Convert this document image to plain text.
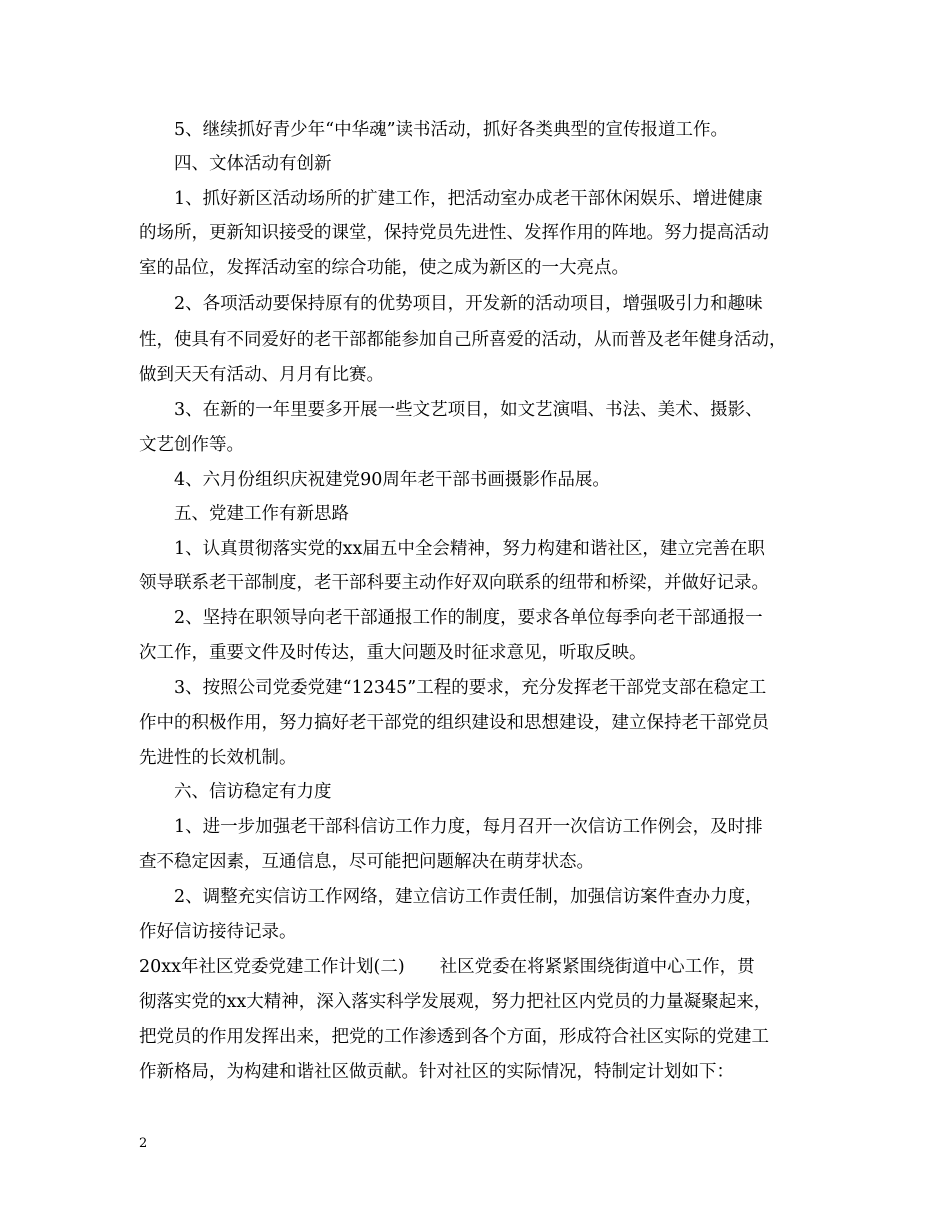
5、继续抓好青少年“中华魂”读书活动，抓好各类典型的宣传报道工作。
四、文体活动有创新
1、抓好新区活动场所的扩建工作，把活动室办成老干部休闲娱乐、增进健康
的场所，更新知识接受的课堂，保持党员先进性、发挥作用的阵地。努力提高活动
室的品位，发挥活动室的综合功能，使之成为新区的一大亮点。
2、各项活动要保持原有的优势项目，开发新的活动项目，增强吸引力和趣味
性，使具有不同爱好的老干部都能参加自己所喜爱的活动，从而普及老年健身活动，
做到天天有活动、月月有比赛。
3、在新的一年里要多开展一些文艺项目，如文艺演唱、书法、美术、摄影、
文艺创作等。
4、六月份组织庆祝建党90周年老干部书画摄影作品展。
五、党建工作有新思路
1、认真贯彻落实党的xx届五中全会精神，努力构建和谐社区，建立完善在职
领导联系老干部制度，老干部科要主动作好双向联系的纽带和桥梁，并做好记录。
2、坚持在职领导向老干部通报工作的制度，要求各单位每季向老干部通报一
次工作，重要文件及时传达，重大问题及时征求意见，听取反映。
3、按照公司党委党建“12345”工程的要求，充分发挥老干部党支部在稳定工
作中的积极作用，努力搞好老干部党的组织建设和思想建设，建立保持老干部党员
先进性的长效机制。
六、信访稳定有力度
1、进一步加强老干部科信访工作力度，每月召开一次信访工作例会，及时排
查不稳定因素，互通信息，尽可能把问题解决在萌芽状态。
2、调整充实信访工作网络，建立信访工作责任制，加强信访案件查办力度，
作好信访接待记录。
20xx年社区党委党建工作计划(二)　　社区党委在将紧紧围绕街道中心工作，贯
彻落实党的xx大精神，深入落实科学发展观，努力把社区内党员的力量凝聚起来，
把党员的作用发挥出来，把党的工作渗透到各个方面，形成符合社区实际的党建工
作新格局，为构建和谐社区做贡献。针对社区的实际情况，特制定计划如下：
2
